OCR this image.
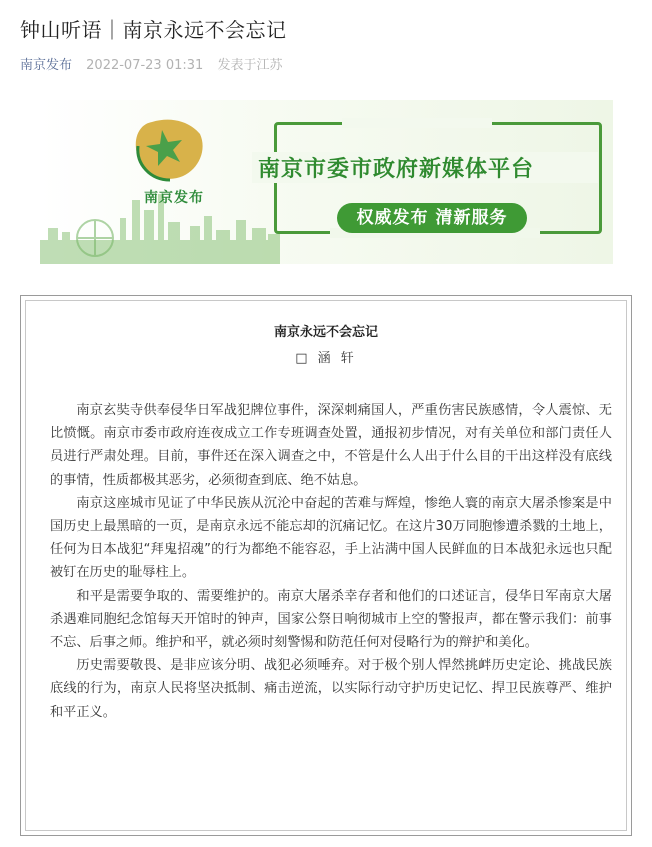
钟山听语｜南京永远不会忘记
南京发布 2022-07-23 01:31 发表于江苏
南京发布
南京市委市政府新媒体平台
权威发布 清新服务
南京永远不会忘记
□ 涵 轩

南京玄奘寺供奉侵华日军战犯牌位事件，深深刺痛国人，严重伤害民族感情，令人震惊、无比愤慨。南京市委市政府连夜成立工作专班调查处置，通报初步情况，对有关单位和部门责任人员进行严肃处理。目前，事件还在深入调查之中，不管是什么人出于什么目的干出这样没有底线的事情，性质都极其恶劣，必须彻查到底、绝不姑息。

南京这座城市见证了中华民族从沉沦中奋起的苦难与辉煌，惨绝人寰的南京大屠杀惨案是中国历史上最黑暗的一页，是南京永远不能忘却的沉痛记忆。在这片30万同胞惨遭杀戮的土地上，任何为日本战犯“拜鬼招魂”的行为都绝不能容忍，手上沾满中国人民鲜血的日本战犯永远也只配被钉在历史的耻辱柱上。

和平是需要争取的、需要维护的。南京大屠杀幸存者和他们的口述证言，侵华日军南京大屠杀遇难同胞纪念馆每天开馆时的钟声，国家公祭日响彻城市上空的警报声，都在警示我们：前事不忘、后事之师。维护和平，就必须时刻警惕和防范任何对侵略行为的辩护和美化。

历史需要敬畏、是非应该分明、战犯必须唾弃。对于极个别人悍然挑衅历史定论、挑战民族底线的行为，南京人民将坚决抵制、痛击逆流，以实际行动守护历史记忆、捍卫民族尊严、维护和平正义。
